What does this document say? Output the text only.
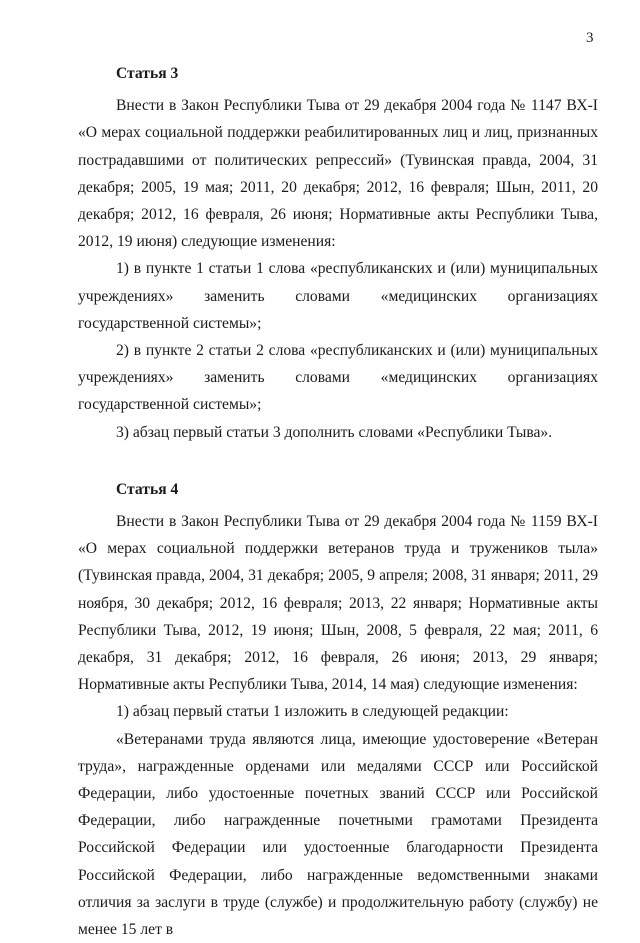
3
Статья 3

Внести в Закон Республики Тыва от 29 декабря 2004 года № 1147 ВХ-I «О мерах социальной поддержки реабилитированных лиц и лиц, признанных пострадавшими от политических репрессий» (Тувинская правда, 2004, 31 декабря; 2005, 19 мая; 2011, 20 декабря; 2012, 16 февраля; Шын, 2011, 20 декабря; 2012, 16 февраля, 26 июня; Нормативные акты Республики Тыва, 2012, 19 июня) следующие изменения:

1) в пункте 1 статьи 1 слова «республиканских и (или) муниципальных учреждениях» заменить словами «медицинских организациях государственной системы»;

2) в пункте 2 статьи 2 слова «республиканских и (или) муниципальных учреждениях» заменить словами «медицинских организациях государственной системы»;

3) абзац первый статьи 3 дополнить словами «Республики Тыва».

Статья 4

Внести в Закон Республики Тыва от 29 декабря 2004 года № 1159 ВХ-I «О мерах социальной поддержки ветеранов труда и тружеников тыла» (Тувинская правда, 2004, 31 декабря; 2005, 9 апреля; 2008, 31 января; 2011, 29 ноября, 30 декабря; 2012, 16 февраля; 2013, 22 января; Нормативные акты Республики Тыва, 2012, 19 июня; Шын, 2008, 5 февраля, 22 мая; 2011, 6 декабря, 31 декабря; 2012, 16 февраля, 26 июня; 2013, 29 января; Нормативные акты Республики Тыва, 2014, 14 мая) следующие изменения:

1) абзац первый статьи 1 изложить в следующей редакции:

«Ветеранами труда являются лица, имеющие удостоверение «Ветеран труда», награжденные орденами или медалями СССР или Российской Федерации, либо удостоенные почетных званий СССР или Российской Федерации, либо награжденные почетными грамотами Президента Российской Федерации или удостоенные благодарности Президента Российской Федерации, либо награжденные ведомственными знаками отличия за заслуги в труде (службе) и продолжительную работу (службу) не менее 15 лет в
